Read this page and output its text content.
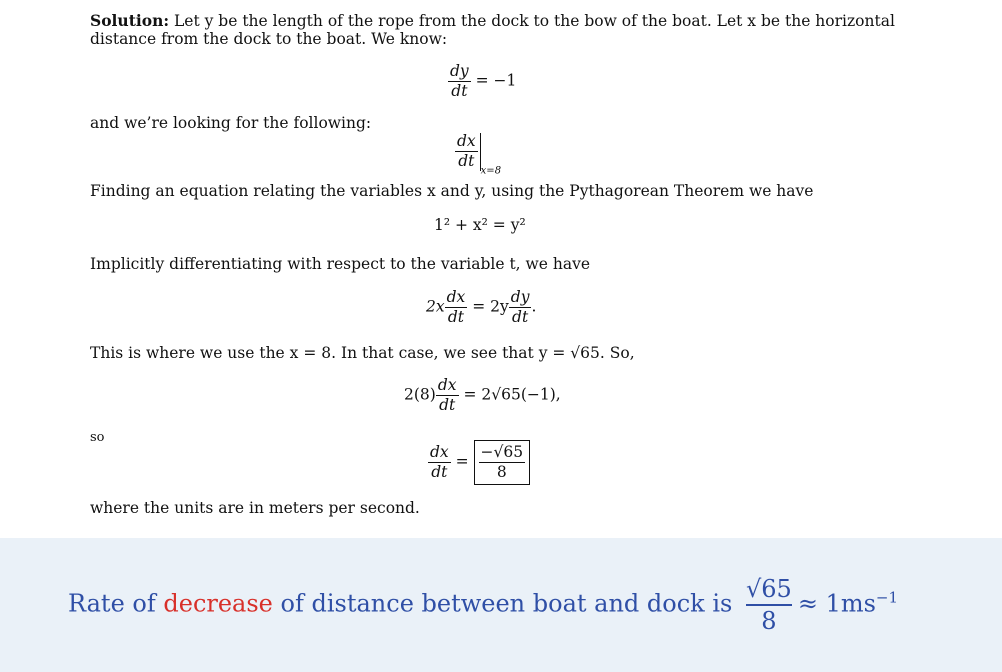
Solution: Let y be the length of the rope from the dock to the bow of the boat. Let x be the horizontal
distance from the dock to the boat. We know:
$\frac{dy}{dt} = -1$
and we’re looking for the following:
$\frac{dx}{dt} _{x=8}$
Finding an equation relating the variables x and y, using the Pythagorean Theorem we have
1² + x² = y²
Implicitly differentiating with respect to the variable t, we have
$2x \frac{dx}{dt} = 2y \frac{dy}{dt}$ .
This is where we use the x = 8. In that case, we see that y = √65. So,
$2(8) \frac{dx}{dt} = 2√65(-1)$,
so
$\frac{dx}{dt} = \frac{-√65}{8}$
where the units are in meters per second.
Rate of decrease of distance between boat and dock is $\frac{√65}{8} \approx 1ms^{-1}$
